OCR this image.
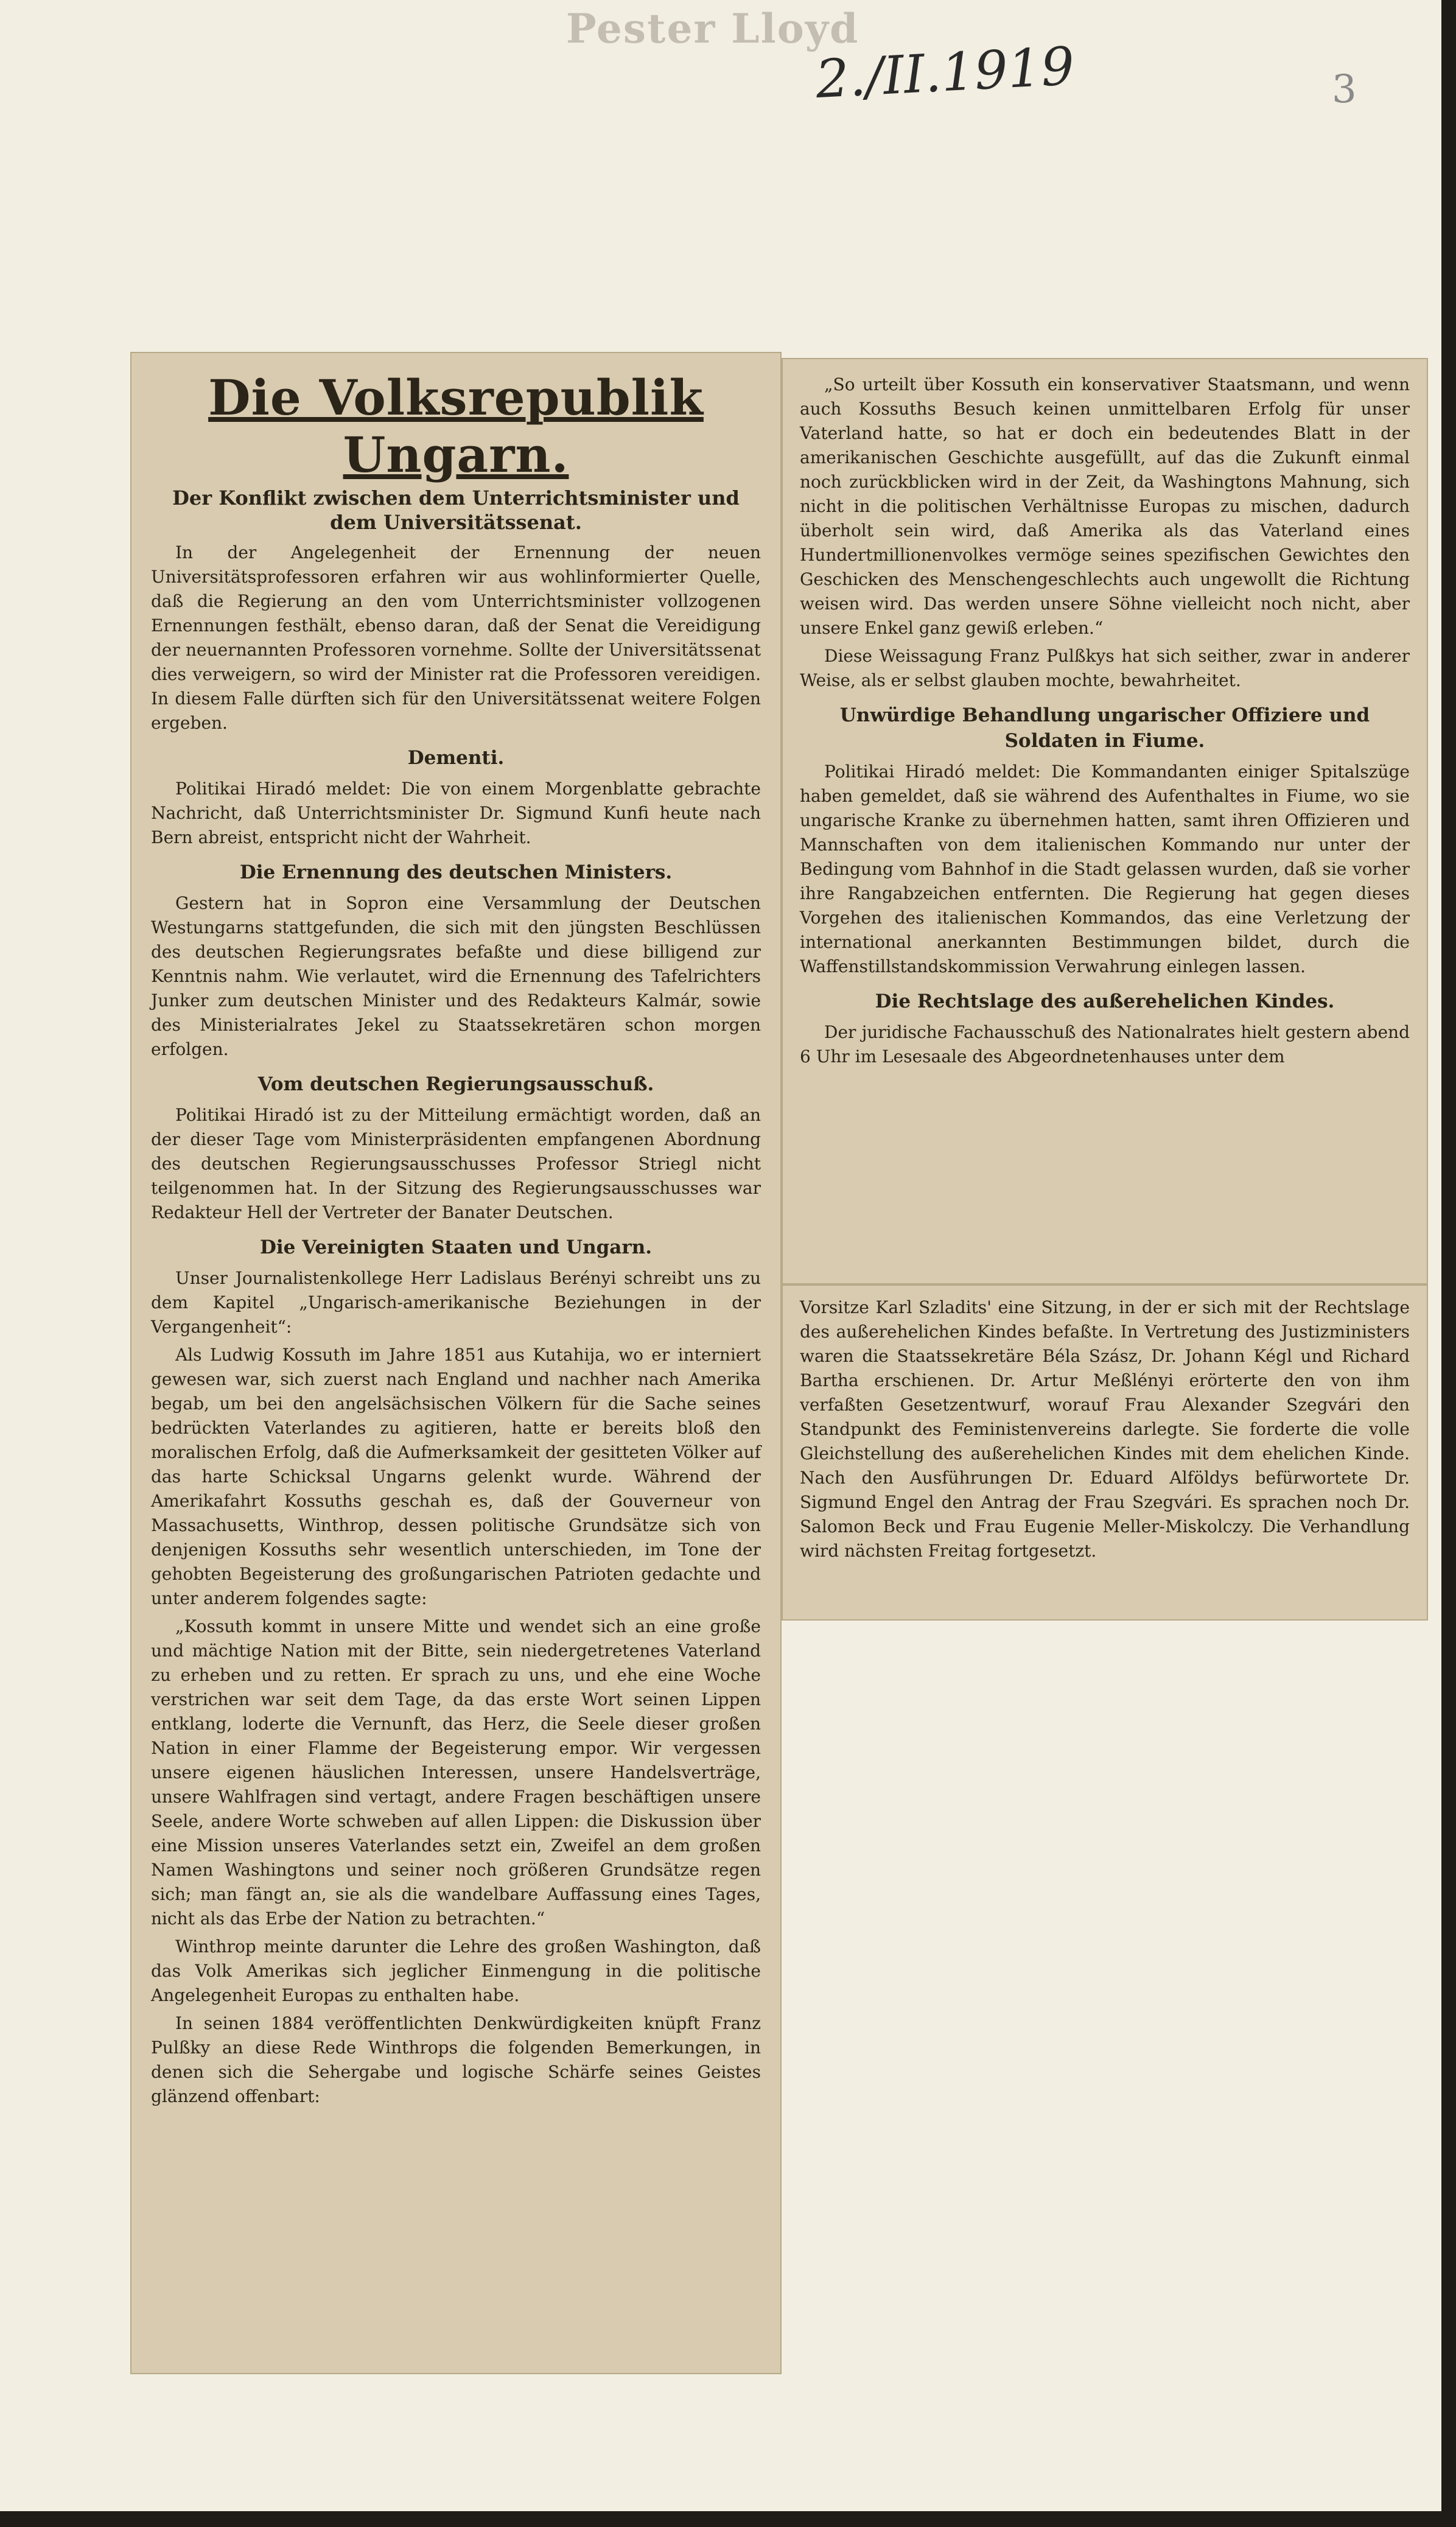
Pester Lloyd
2./II.1919	3
Die Volksrepublik Ungarn.
Der Konflikt zwischen dem Unterrichtsminister und dem Universitätssenat.

In der Angelegenheit der Ernennung der neuen Universitätsprofessoren erfahren wir aus wohlinformierter Quelle, daß die Regierung an den vom Unterrichtsminister vollzogenen Ernennungen festhält, ebenso daran, daß der Senat die Vereidigung der neuernannten Professoren vornehme. Sollte der Universitätssenat dies verweigern, so wird der Minister rat die Professoren vereidigen. In diesem Falle dürften sich für den Universitätssenat weitere Folgen ergeben.

Dementi.

Politikai Hiradó meldet: Die von einem Morgenblatte gebrachte Nachricht, daß Unterrichtsminister Dr. Sigmund Kunfi heute nach Bern abreist, entspricht nicht der Wahrheit.

Die Ernennung des deutschen Ministers.

Gestern hat in Sopron eine Versammlung der Deutschen Westungarns stattgefunden, die sich mit den jüngsten Beschlüssen des deutschen Regierungsrates befaßte und diese billigend zur Kenntnis nahm. Wie verlautet, wird die Ernennung des Tafelrichters Junker zum deutschen Minister und des Redakteurs Kalmár, sowie des Ministerialrates Jekel zu Staatssekretären schon morgen erfolgen.

Vom deutschen Regierungsausschuß.

Politikai Hiradó ist zu der Mitteilung ermächtigt worden, daß an der dieser Tage vom Ministerpräsidenten empfangenen Abordnung des deutschen Regierungsausschusses Professor Striegl nicht teilgenommen hat. In der Sitzung des Regierungsausschusses war Redakteur Hell der Vertreter der Banater Deutschen.

Die Vereinigten Staaten und Ungarn.

Unser Journalistenkollege Herr Ladislaus Berényi schreibt uns zu dem Kapitel „Ungarisch-amerikanische Beziehungen in der Vergangenheit“:

Als Ludwig Kossuth im Jahre 1851 aus Kutahija, wo er interniert gewesen war, sich zuerst nach England und nachher nach Amerika begab, um bei den angelsächsischen Völkern für die Sache seines bedrückten Vaterlandes zu agitieren, hatte er bereits bloß den moralischen Erfolg, daß die Aufmerksamkeit der gesitteten Völker auf das harte Schicksal Ungarns gelenkt wurde. Während der Amerikafahrt Kossuths geschah es, daß der Gouverneur von Massachusetts, Winthrop, dessen politische Grundsätze sich von denjenigen Kossuths sehr wesentlich unterschieden, im Tone der gehobten Begeisterung des großungarischen Patrioten gedachte und unter anderem folgendes sagte:

„Kossuth kommt in unsere Mitte und wendet sich an eine große und mächtige Nation mit der Bitte, sein niedergetretenes Vaterland zu erheben und zu retten. Er sprach zu uns, und ehe eine Woche verstrichen war seit dem Tage, da das erste Wort seinen Lippen entklang, loderte die Vernunft, das Herz, die Seele dieser großen Nation in einer Flamme der Begeisterung empor. Wir vergessen unsere eigenen häuslichen Interessen, unsere Handelsverträge, unsere Wahlfragen sind vertagt, andere Fragen beschäftigen unsere Seele, andere Worte schweben auf allen Lippen: die Diskussion über eine Mission unseres Vaterlandes setzt ein, Zweifel an dem großen Namen Washingtons und seiner noch größeren Grundsätze regen sich; man fängt an, sie als die wandelbare Auffassung eines Tages, nicht als das Erbe der Nation zu betrachten.“

Winthrop meinte darunter die Lehre des großen Washington, daß das Volk Amerikas sich jeglicher Einmengung in die politische Angelegenheit Europas zu enthalten habe.

In seinen 1884 veröffentlichten Denkwürdigkeiten knüpft Franz Pulßky an diese Rede Winthrops die folgenden Bemerkungen, in denen sich die Sehergabe und logische Schärfe seines Geistes glänzend offenbart:

„So urteilt über Kossuth ein konservativer Staatsmann, und wenn auch Kossuths Besuch keinen unmittelbaren Erfolg für unser Vaterland hatte, so hat er doch ein bedeutendes Blatt in der amerikanischen Geschichte ausgefüllt, auf das die Zukunft einmal noch zurückblicken wird in der Zeit, da Washingtons Mahnung, sich nicht in die politischen Verhältnisse Europas zu mischen, dadurch überholt sein wird, daß Amerika als das Vaterland eines Hundertmillionenvolkes vermöge seines spezifischen Gewichtes den Geschicken des Menschengeschlechts auch ungewollt die Richtung weisen wird. Das werden unsere Söhne vielleicht noch nicht, aber unsere Enkel ganz gewiß erleben.“

Diese Weissagung Franz Pulßkys hat sich seither, zwar in anderer Weise, als er selbst glauben mochte, bewahrheitet.

Unwürdige Behandlung ungarischer Offiziere und Soldaten in Fiume.

Politikai Hiradó meldet: Die Kommandanten einiger Spitalszüge haben gemeldet, daß sie während des Aufenthaltes in Fiume, wo sie ungarische Kranke zu übernehmen hatten, samt ihren Offizieren und Mannschaften von dem italienischen Kommando nur unter der Bedingung vom Bahnhof in die Stadt gelassen wurden, daß sie vorher ihre Rangabzeichen entfernten. Die Regierung hat gegen dieses Vorgehen des italienischen Kommandos, das eine Verletzung der international anerkannten Bestimmungen bildet, durch die Waffenstillstandskommission Verwahrung einlegen lassen.

Die Rechtslage des außerehelichen Kindes.

Der juridische Fachausschuß des Nationalrates hielt gestern abend 6 Uhr im Lesesaale des Abgeordnetenhauses unter dem

Vorsitze Karl Szladits' eine Sitzung, in der er sich mit der Rechtslage des außerehelichen Kindes befaßte. In Vertretung des Justizministers waren die Staatssekretäre Béla Szász, Dr. Johann Kégl und Richard Bartha erschienen. Dr. Artur Meßlényi erörterte den von ihm verfaßten Gesetzentwurf, worauf Frau Alexander Szegvári den Standpunkt des Feministenvereins darlegte. Sie forderte die volle Gleichstellung des außerehelichen Kindes mit dem ehelichen Kinde. Nach den Ausführungen Dr. Eduard Alföldys befürwortete Dr. Sigmund Engel den Antrag der Frau Szegvári. Es sprachen noch Dr. Salomon Beck und Frau Eugenie Meller-Miskolczy. Die Verhandlung wird nächsten Freitag fortgesetzt.
